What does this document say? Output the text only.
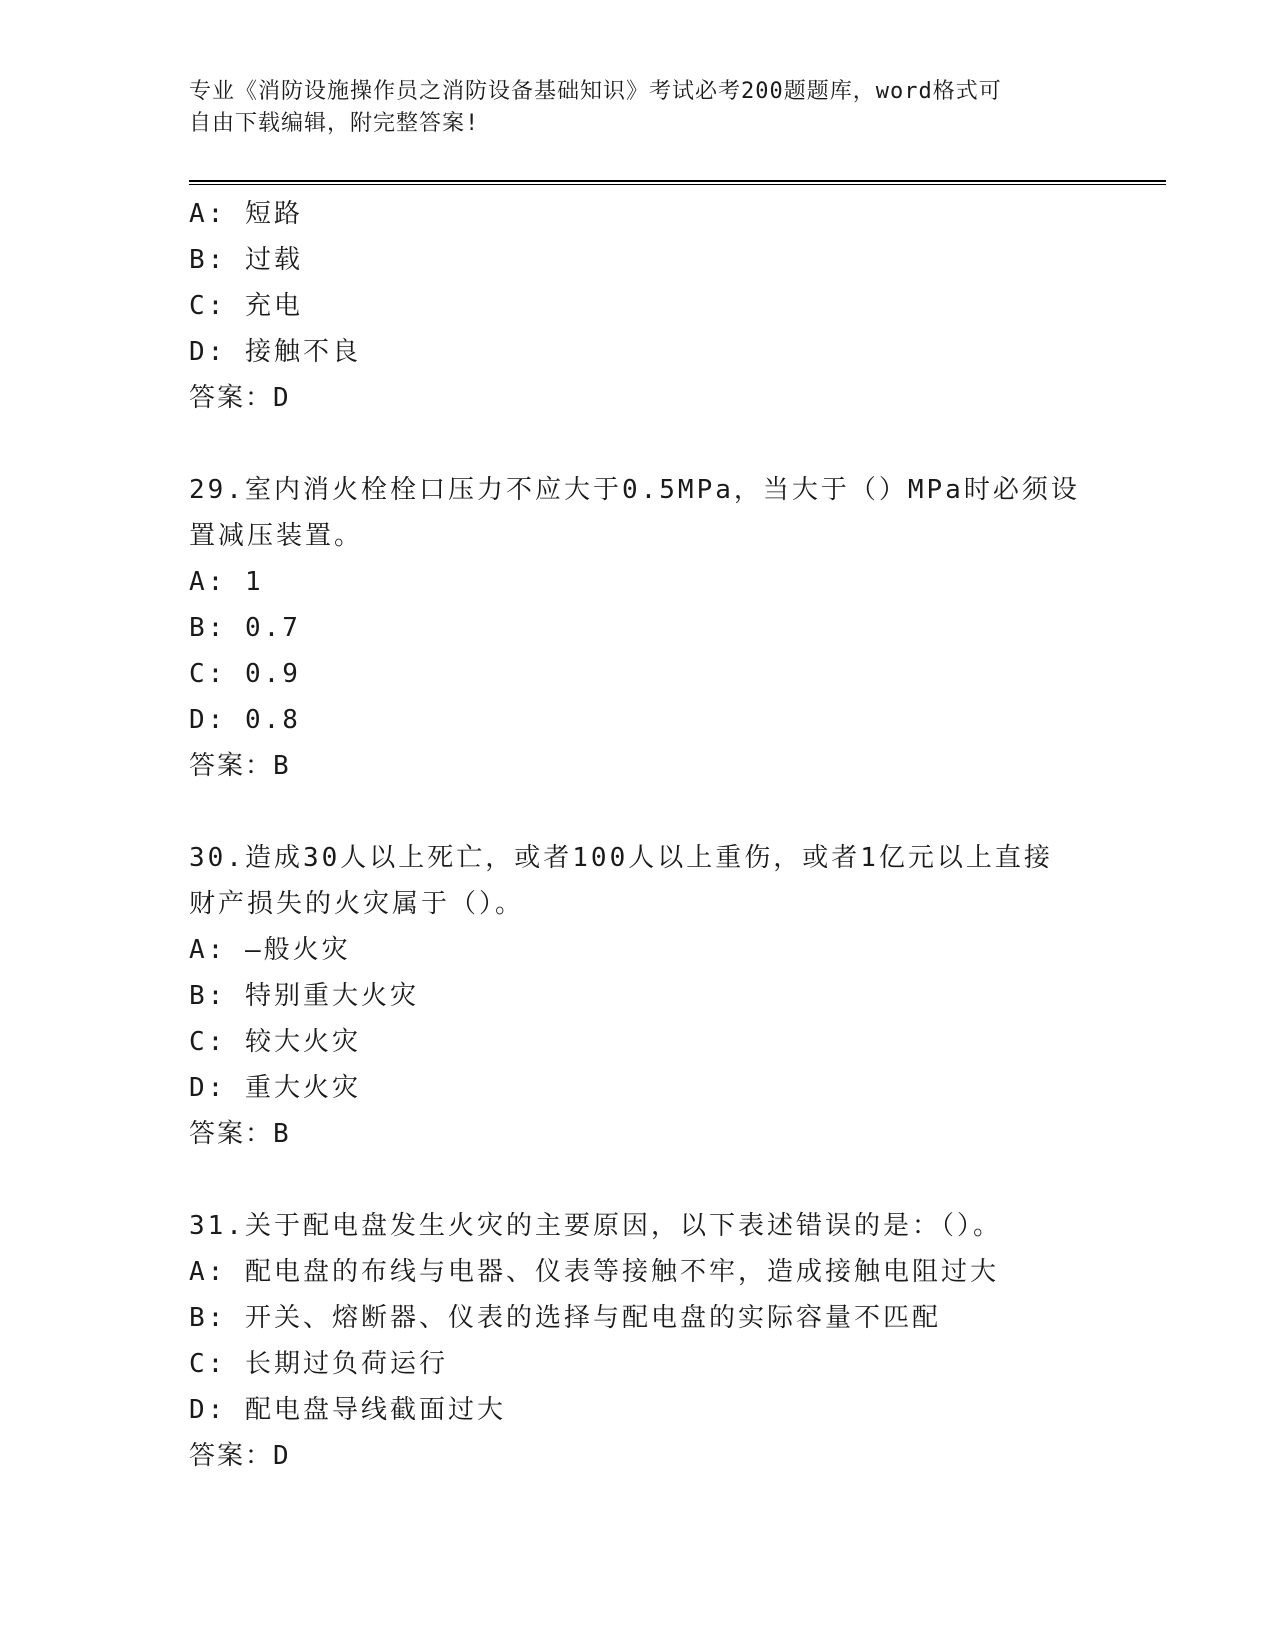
专业《消防设施操作员之消防设备基础知识》考试必考200题题库，word格式可
自由下载编辑，附完整答案!
A: 短路
B: 过载
C: 充电
D: 接触不良
答案：D
29.室内消火栓栓口压力不应大于0.5MPa，当大于（）MPa时必须设
置减压装置。
A: 1
B: 0.7
C: 0.9
D: 0.8
答案：B
30.造成30人以上死亡，或者100人以上重伤，或者1亿元以上直接
财产损失的火灾属于（）。
A: —般火灾
B: 特别重大火灾
C: 较大火灾
D: 重大火灾
答案：B
31.关于配电盘发生火灾的主要原因，以下表述错误的是：（）。
A: 配电盘的布线与电器、仪表等接触不牢，造成接触电阻过大
B: 开关、熔断器、仪表的选择与配电盘的实际容量不匹配
C: 长期过负荷运行
D: 配电盘导线截面过大
答案：D
